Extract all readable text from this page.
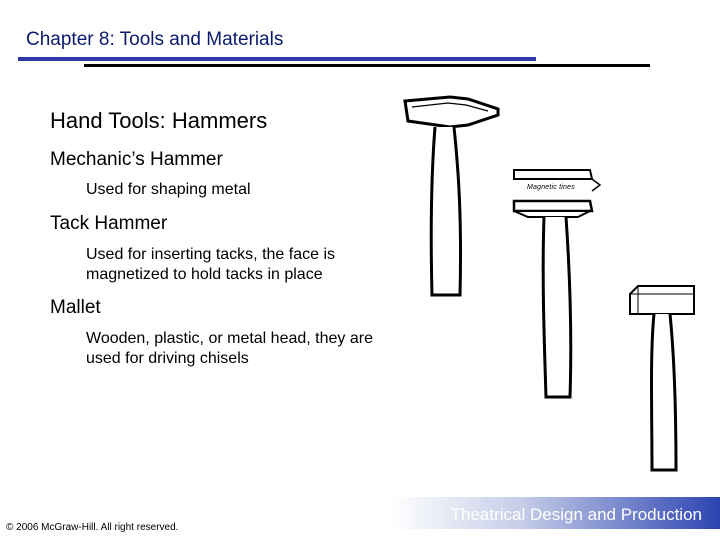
Chapter 8: Tools and Materials
Hand Tools: Hammers
Mechanic’s Hammer
Used for shaping metal
Tack Hammer
Used for inserting tacks, the face is magnetized to hold tacks in place
Mallet
Wooden, plastic, or metal head, they are used for driving chisels
Magnetic tines
Theatrical Design and Production
© 2006 McGraw-Hill. All right reserved.
